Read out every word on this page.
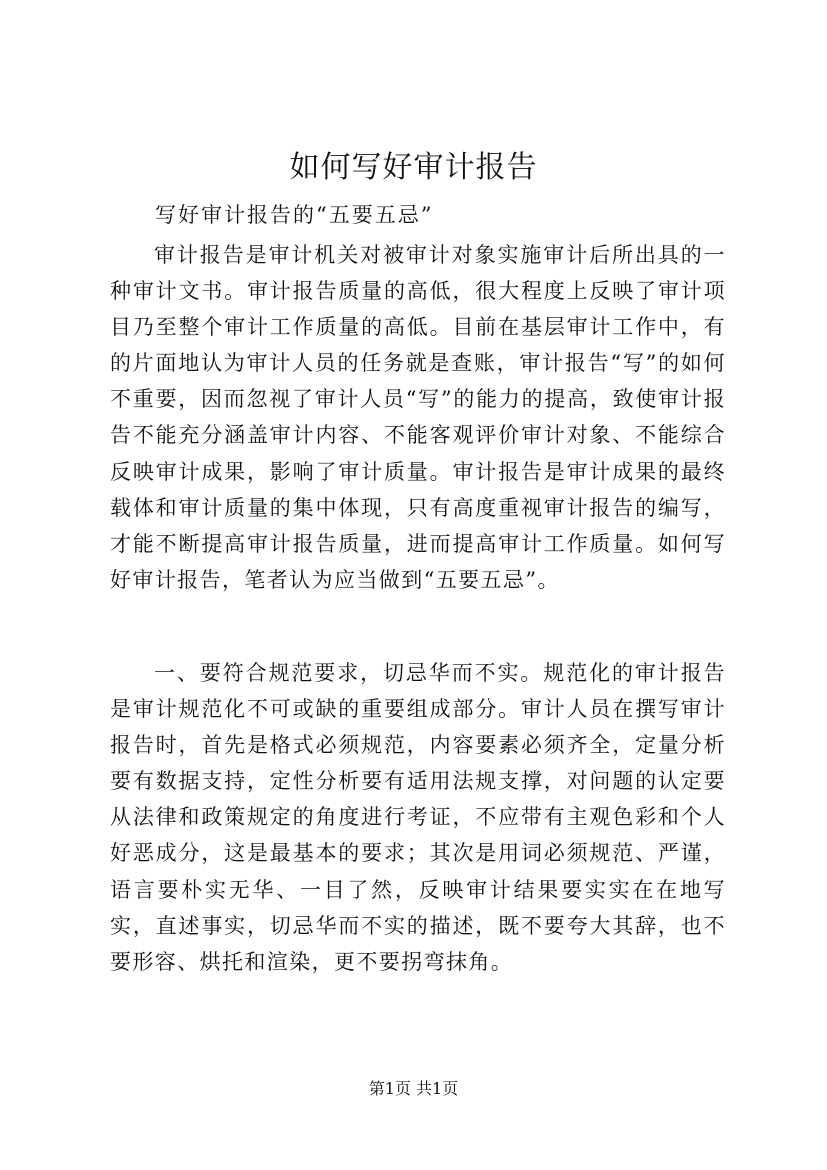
如何写好审计报告

写好审计报告的“五要五忌”

审计报告是审计机关对被审计对象实施审计后所出具的一种审计文书。审计报告质量的高低，很大程度上反映了审计项目乃至整个审计工作质量的高低。目前在基层审计工作中，有的片面地认为审计人员的任务就是查账，审计报告“写”的如何不重要，因而忽视了审计人员“写”的能力的提高，致使审计报告不能充分涵盖审计内容、不能客观评价审计对象、不能综合反映审计成果，影响了审计质量。审计报告是审计成果的最终载体和审计质量的集中体现，只有高度重视审计报告的编写，才能不断提高审计报告质量，进而提高审计工作质量。如何写好审计报告，笔者认为应当做到“五要五忌”。

一、要符合规范要求，切忌华而不实。规范化的审计报告是审计规范化不可或缺的重要组成部分。审计人员在撰写审计报告时，首先是格式必须规范，内容要素必须齐全，定量分析要有数据支持，定性分析要有适用法规支撑，对问题的认定要从法律和政策规定的角度进行考证，不应带有主观色彩和个人好恶成分，这是最基本的要求；其次是用词必须规范、严谨，语言要朴实无华、一目了然，反映审计结果要实实在在地写实，直述事实，切忌华而不实的描述，既不要夸大其辞，也不要形容、烘托和渲染，更不要拐弯抹角。

第1页 共1页
